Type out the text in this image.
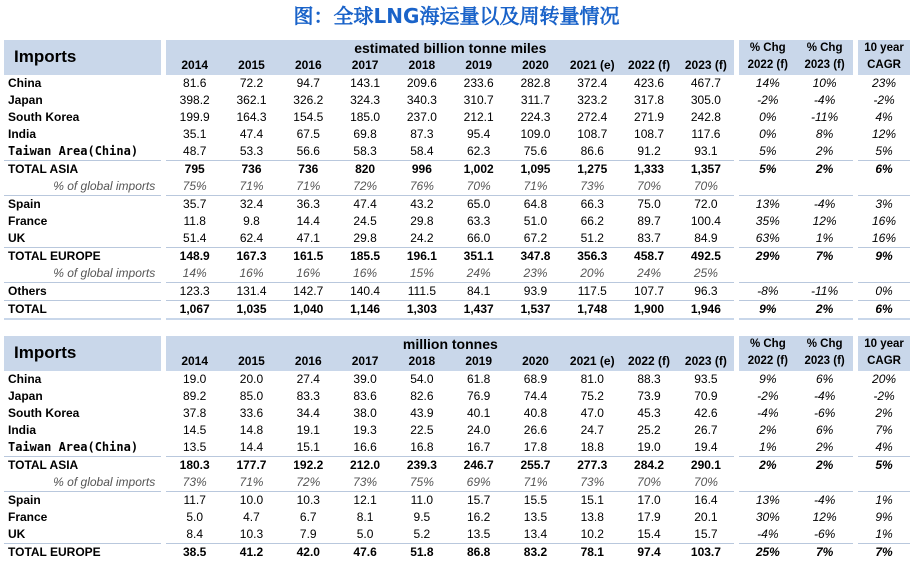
图：全球LNG海运量以及周转量情况
Imports		estimated billion tonne miles											% Chg	% Chg		10 year
		2014	2015	2016	2017	2018	2019	2020	2021 (e)	2022 (f)	2023 (f)		2022 (f)	2023 (f)		CAGR
China		81.6	72.2	94.7	143.1	209.6	233.6	282.8	372.4	423.6	467.7		14%	10%		23%
Japan		398.2	362.1	326.2	324.3	340.3	310.7	311.7	323.2	317.8	305.0		-2%	-4%		-2%
South Korea		199.9	164.3	154.5	185.0	237.0	212.1	224.3	272.4	271.9	242.8		0%	-11%		4%
India		35.1	47.4	67.5	69.8	87.3	95.4	109.0	108.7	108.7	117.6		0%	8%		12%
Taiwan Area(China)		48.7	53.3	56.6	58.3	58.4	62.3	75.6	86.6	91.2	93.1		5%	2%		5%
TOTAL ASIA		795	736	736	820	996	1,002	1,095	1,275	1,333	1,357		5%	2%		6%
% of global imports		75%	71%	71%	72%	76%	70%	71%	73%	70%	70%					
Spain		35.7	32.4	36.3	47.4	43.2	65.0	64.8	66.3	75.0	72.0		13%	-4%		3%
France		11.8	9.8	14.4	24.5	29.8	63.3	51.0	66.2	89.7	100.4		35%	12%		16%
UK		51.4	62.4	47.1	29.8	24.2	66.0	67.2	51.2	83.7	84.9		63%	1%		16%
TOTAL EUROPE		148.9	167.3	161.5	185.5	196.1	351.1	347.8	356.3	458.7	492.5		29%	7%		9%
% of global imports		14%	16%	16%	16%	15%	24%	23%	20%	24%	25%					
Others		123.3	131.4	142.7	140.4	111.5	84.1	93.9	117.5	107.7	96.3		-8%	-11%		0%
TOTAL		1,067	1,035	1,040	1,146	1,303	1,437	1,537	1,748	1,900	1,946		9%	2%		6%
Imports		million tonnes											% Chg	% Chg		10 year
		2014	2015	2016	2017	2018	2019	2020	2021 (e)	2022 (f)	2023 (f)		2022 (f)	2023 (f)		CAGR
China		19.0	20.0	27.4	39.0	54.0	61.8	68.9	81.0	88.3	93.5		9%	6%		20%
Japan		89.2	85.0	83.3	83.6	82.6	76.9	74.4	75.2	73.9	70.9		-2%	-4%		-2%
South Korea		37.8	33.6	34.4	38.0	43.9	40.1	40.8	47.0	45.3	42.6		-4%	-6%		2%
India		14.5	14.8	19.1	19.3	22.5	24.0	26.6	24.7	25.2	26.7		2%	6%		7%
Taiwan Area(China)		13.5	14.4	15.1	16.6	16.8	16.7	17.8	18.8	19.0	19.4		1%	2%		4%
TOTAL ASIA		180.3	177.7	192.2	212.0	239.3	246.7	255.7	277.3	284.2	290.1		2%	2%		5%
% of global imports		73%	71%	72%	73%	75%	69%	71%	73%	70%	70%					
Spain		11.7	10.0	10.3	12.1	11.0	15.7	15.5	15.1	17.0	16.4		13%	-4%		1%
France		5.0	4.7	6.7	8.1	9.5	16.2	13.5	13.8	17.9	20.1		30%	12%		9%
UK		8.4	10.3	7.9	5.0	5.2	13.5	13.4	10.2	15.4	15.7		-4%	-6%		1%
TOTAL EUROPE		38.5	41.2	42.0	47.6	51.8	86.8	83.2	78.1	97.4	103.7		25%	7%		7%
